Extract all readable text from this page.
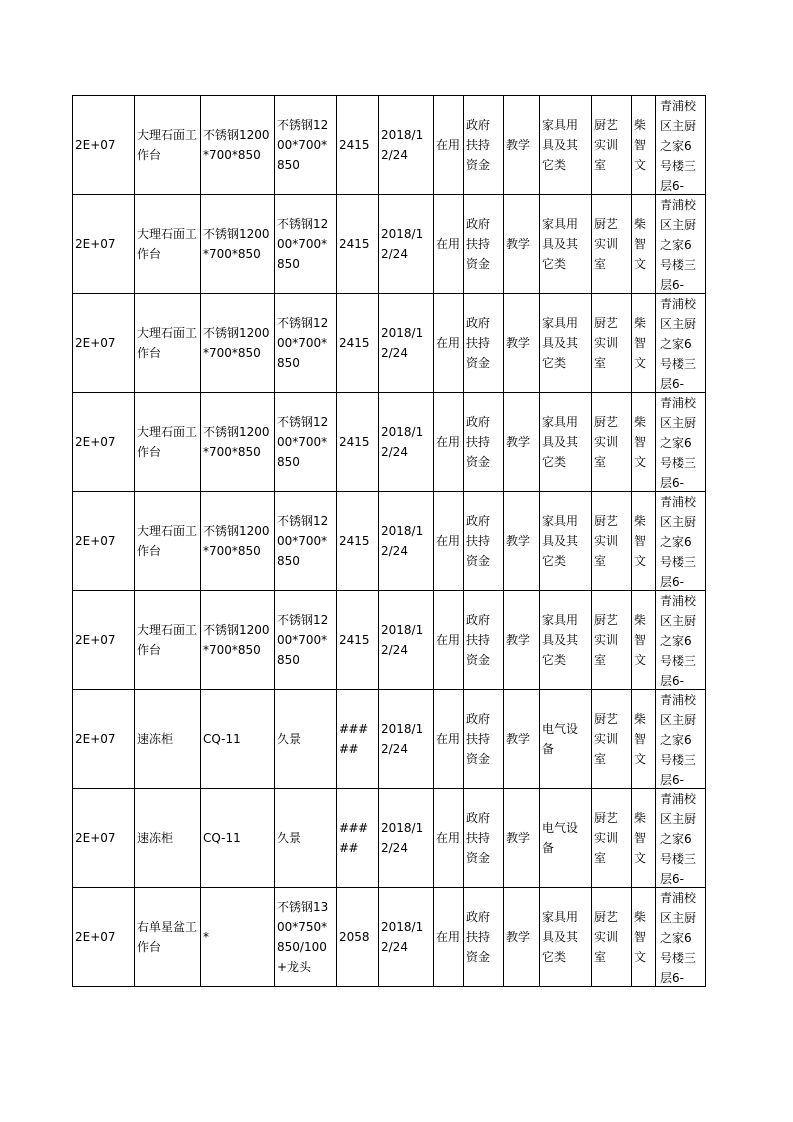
2E+07	大理石面工作台	不锈钢1200*700*850	不锈钢1200*700*850	2415	2018/12/24	在用	政府扶持资金	教学	家具用具及其它类	厨艺实训室	柴智文	青浦校区主厨之家6号楼三层6-

2E+07	大理石面工作台	不锈钢1200*700*850	不锈钢1200*700*850	2415	2018/12/24	在用	政府扶持资金	教学	家具用具及其它类	厨艺实训室	柴智文	青浦校区主厨之家6号楼三层6-

2E+07	大理石面工作台	不锈钢1200*700*850	不锈钢1200*700*850	2415	2018/12/24	在用	政府扶持资金	教学	家具用具及其它类	厨艺实训室	柴智文	青浦校区主厨之家6号楼三层6-

2E+07	大理石面工作台	不锈钢1200*700*850	不锈钢1200*700*850	2415	2018/12/24	在用	政府扶持资金	教学	家具用具及其它类	厨艺实训室	柴智文	青浦校区主厨之家6号楼三层6-

2E+07	大理石面工作台	不锈钢1200*700*850	不锈钢1200*700*850	2415	2018/12/24	在用	政府扶持资金	教学	家具用具及其它类	厨艺实训室	柴智文	青浦校区主厨之家6号楼三层6-

2E+07	大理石面工作台	不锈钢1200*700*850	不锈钢1200*700*850	2415	2018/12/24	在用	政府扶持资金	教学	家具用具及其它类	厨艺实训室	柴智文	青浦校区主厨之家6号楼三层6-

2E+07	速冻柜	CQ-11	久景	#####	2018/12/24	在用	政府扶持资金	教学	电气设备	厨艺实训室	柴智文	青浦校区主厨之家6号楼三层6-

2E+07	速冻柜	CQ-11	久景	#####	2018/12/24	在用	政府扶持资金	教学	电气设备	厨艺实训室	柴智文	青浦校区主厨之家6号楼三层6-

2E+07	右单星盆工作台	*	不锈钢1300*750*850/100+龙头	2058	2018/12/24	在用	政府扶持资金	教学	家具用具及其它类	厨艺实训室	柴智文	青浦校区主厨之家6号楼三层6-
